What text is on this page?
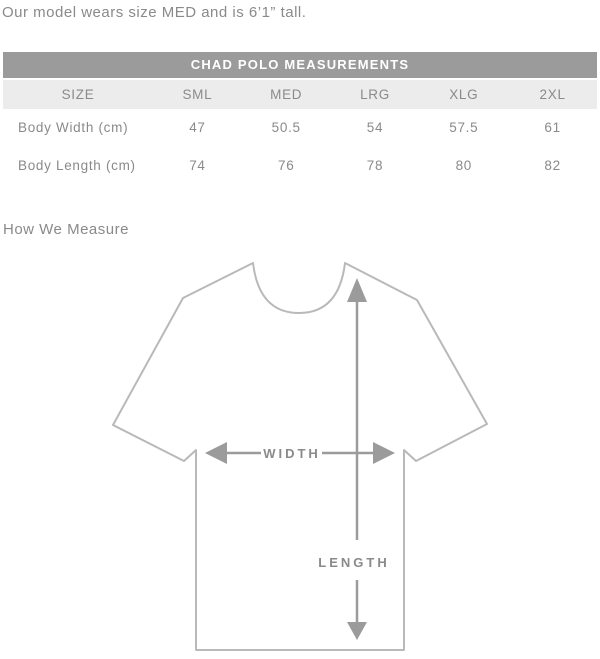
Our model wears size MED and is 6’1” tall.
CHAD POLO MEASUREMENTS
SIZE	SML	MED	LRG	XLG	2XL
Body Width (cm)	47	50.5	54	57.5	61
Body Length (cm)	74	76	78	80	82
How We Measure
LENGTH
WIDTH
